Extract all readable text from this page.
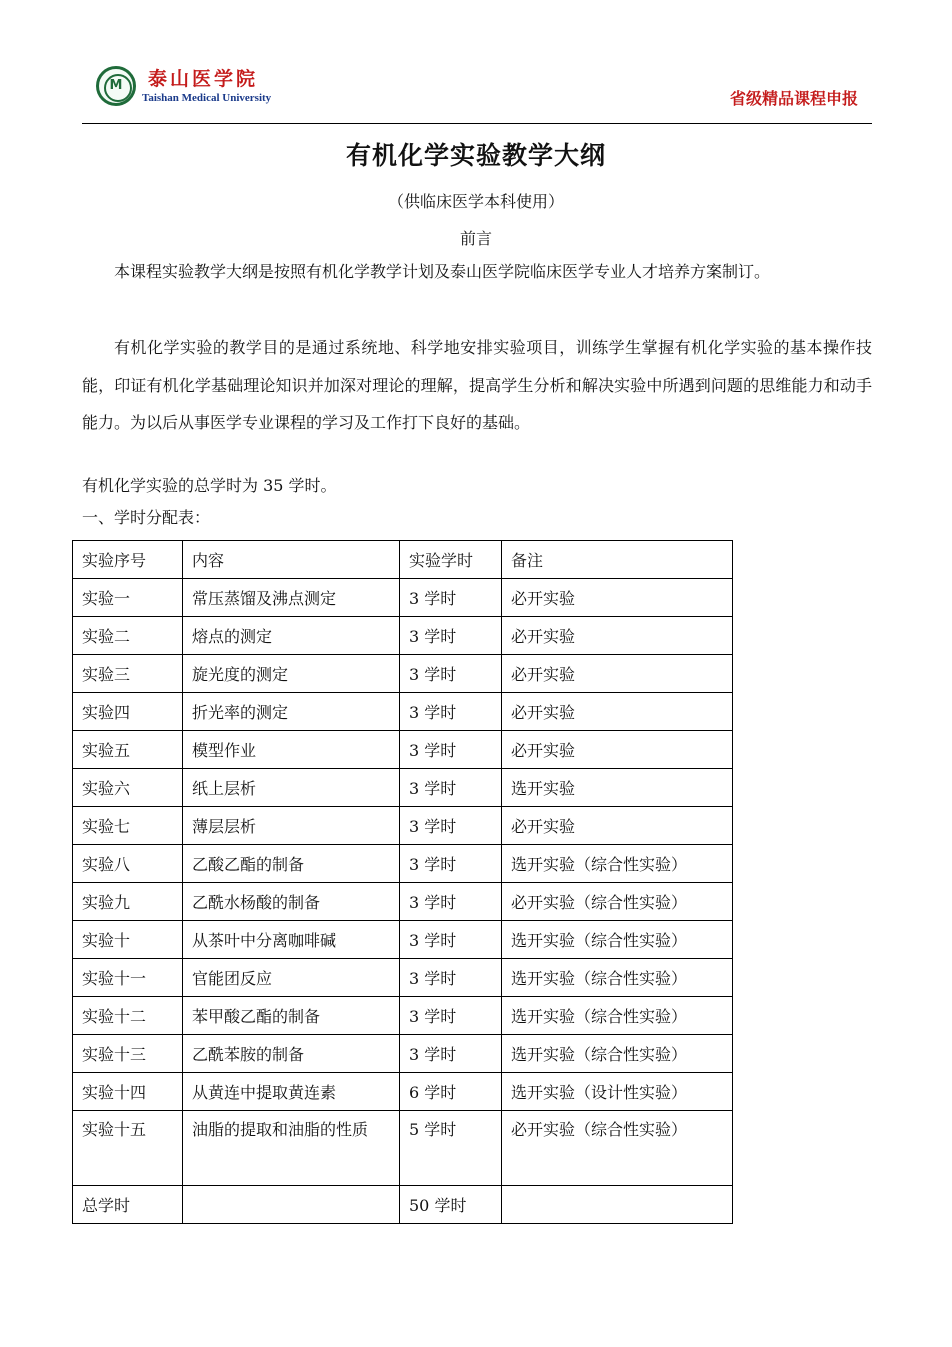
M	泰山医学院
Taishan Medical University	省级精品课程申报
有机化学实验教学大纲
（供临床医学本科使用）
前言

本课程实验教学大纲是按照有机化学教学计划及泰山医学院临床医学专业人才培养方案制订。

有机化学实验的教学目的是通过系统地、科学地安排实验项目，训练学生掌握有机化学实验的基本操作技能，印证有机化学基础理论知识并加深对理论的理解，提高学生分析和解决实验中所遇到问题的思维能力和动手能力。为以后从事医学专业课程的学习及工作打下良好的基础。

有机化学实验的总学时为 35 学时。

一、学时分配表：

实验序号	内容	实验学时	备注
实验一	常压蒸馏及沸点测定	3 学时	必开实验
实验二	熔点的测定	3 学时	必开实验
实验三	旋光度的测定	3 学时	必开实验
实验四	折光率的测定	3 学时	必开实验
实验五	模型作业	3 学时	必开实验
实验六	纸上层析	3 学时	选开实验
实验七	薄层层析	3 学时	必开实验
实验八	乙酸乙酯的制备	3 学时	选开实验（综合性实验）
实验九	乙酰水杨酸的制备	3 学时	必开实验（综合性实验）
实验十	从茶叶中分离咖啡碱	3 学时	选开实验（综合性实验）
实验十一	官能团反应	3 学时	选开实验（综合性实验）
实验十二	苯甲酸乙酯的制备	3 学时	选开实验（综合性实验）
实验十三	乙酰苯胺的制备	3 学时	选开实验（综合性实验）
实验十四	从黄连中提取黄连素	6 学时	选开实验（设计性实验）
实验十五	油脂的提取和油脂的性质	5 学时	必开实验（综合性实验）
总学时		50 学时	
